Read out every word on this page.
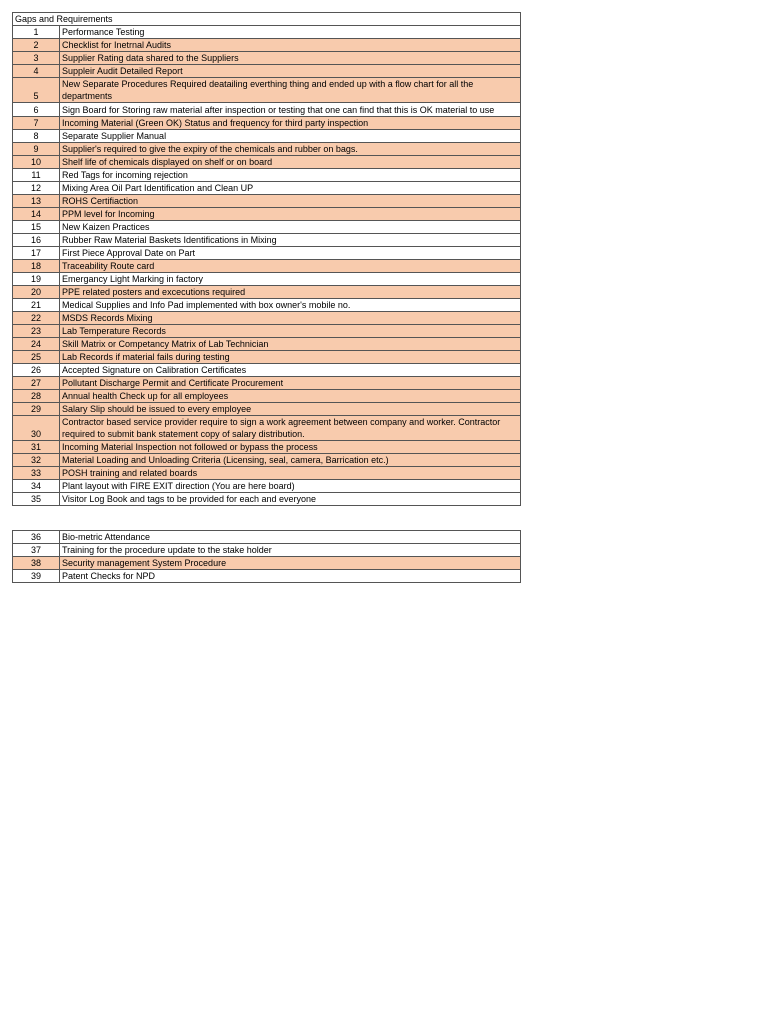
Gaps and Requirements	
1	Performance Testing
2	Checklist for Inetrnal Audits
3	Supplier Rating data shared to the Suppliers
4	Suppleir Audit Detailed Report
5	New Separate Procedures Required deatailing everthing thing and ended up with a flow chart for all the departments
6	Sign Board for Storing raw material after inspection or testing that one can find that this is OK material to use
7	Incoming Material (Green OK) Status and frequency for third party inspection
8	Separate Supplier Manual
9	Supplier's required to give the expiry of the chemicals and rubber on bags.
10	Shelf life of chemicals displayed on shelf or on board
11	Red Tags for incoming rejection
12	Mixing Area Oil Part Identification and Clean UP
13	ROHS Certifiaction
14	PPM level for Incoming
15	New Kaizen Practices
16	Rubber Raw Material Baskets Identifications in Mixing
17	First Piece Approval Date on Part
18	Traceability Route card
19	Emergancy Light Marking in factory
20	PPE related posters and excecutions required
21	Medical Supplies and Info Pad implemented with box owner's mobile no.
22	MSDS Records Mixing
23	Lab Temperature Records
24	Skill Matrix or Competancy Matrix of Lab Technician
25	Lab Records if material fails during testing
26	Accepted Signature on Calibration Certificates
27	Pollutant Discharge Permit and Certificate Procurement
28	Annual health Check up for all employees
29	Salary Slip should be issued to every employee
30	Contractor based service provider require to sign a work agreement between company and worker. Contractor required to submit bank statement copy of salary distribution.
31	Incoming Material Inspection not followed or bypass the process
32	Material Loading and Unloading Criteria (Licensing, seal, camera, Barrication etc.)
33	POSH training and related boards
34	Plant layout with FIRE EXIT direction (You are here board)
35	Visitor Log Book and tags to be provided for each and everyone
36	Bio-metric Attendance
37	Training for the procedure update to the stake holder
38	Security management System Procedure
39	Patent Checks for NPD
